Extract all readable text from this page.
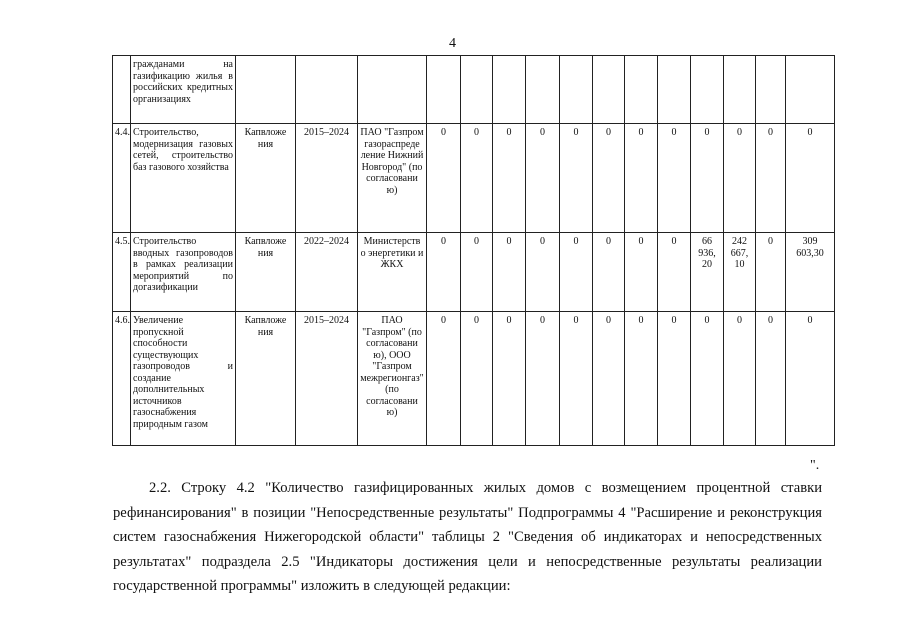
4
	гражданами на газификацию жилья в российских кредитных организациях															
4.4.	Строительство, модернизация газовых сетей, строительство баз газового хозяйства	Капвложе ния	2015–2024	ПАО "Газпром газораспреде ление Нижний Новгород" (по согласовани ю)	0	0	0	0	0	0	0	0	0	0	0	0
4.5.	Строительство вводных газопроводов в рамках реализации мероприятий по догазификации	Капвложе ния	2022–2024	Министерств о энергетики и ЖКХ	0	0	0	0	0	0	0	0	66 936, 20	242 667, 10	0	309 603,30
4.6.	Увеличение пропускной способности существующих газопроводов и создание дополнительных источников газоснабжения природным газом	Капвложе ния	2015–2024	ПАО "Газпром" (по согласовани ю), ООО "Газпром межрегионгаз" (по согласовани ю)	0	0	0	0	0	0	0	0	0	0	0	0
".
2.2. Строку 4.2 "Количество газифицированных жилых домов с возмещением процентной ставки рефинансирования" в позиции "Непосредственные результаты" Подпрограммы 4 "Расширение и реконструкция систем газоснабжения Нижегородской области" таблицы 2 "Сведения об индикаторах и непосредственных результатах" подраздела 2.5 "Индикаторы достижения цели и непосредственные результаты реализации государственной программы" изложить в следующей редакции:
